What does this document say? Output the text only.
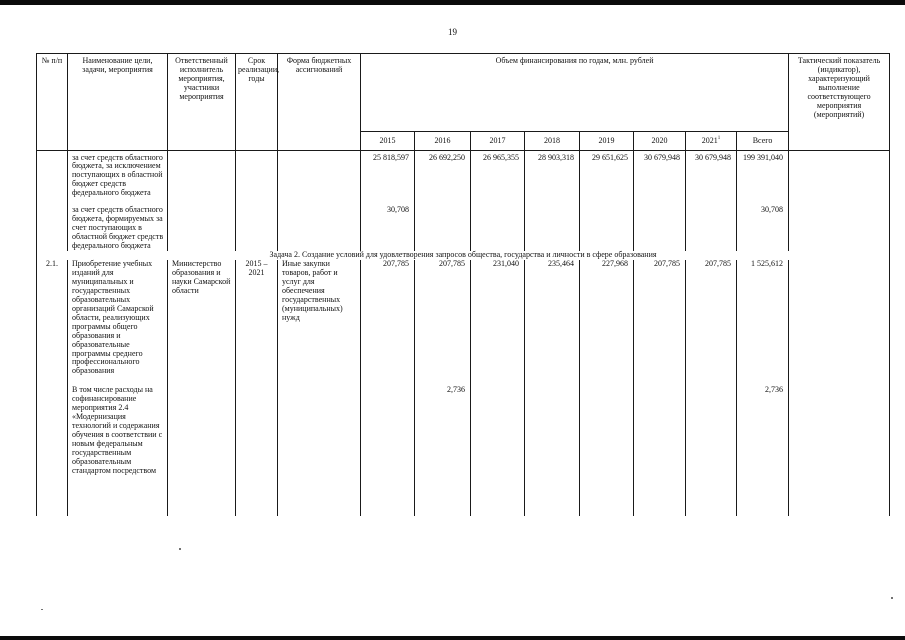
19
№ п/п	Наименование цели, задачи, мероприятия	Ответственный исполнитель мероприятия, участники мероприятия	Срок реализации, годы	Форма бюджетных ассигнований	Объем финансирования по годам, млн. рублей								Тактический показатель (индикатор), характеризующий выполнение соответствующего мероприятия (мероприятий)
					2015	2016	2017	2018	2019	2020	2021$^1$	Всего	

	за счет средств областного бюджета, за исключением поступающих в областной бюджет средств федерального бюджета				25 818,597	26 692,250	26 965,355	28 903,318	29 651,625	30 679,948	30 679,948	199 391,040	

	за счет средств областного бюджета, формируемых за счет поступающих в областной бюджет средств федерального бюджета				30,708							30,708	
Задача 2. Создание условий для удовлетворения запросов общества, государства и личности в сфере образования													
2.1.	Приобретение учебных изданий для муниципальных и государственных образовательных организаций Самарской области, реализующих программы общего образования и образовательные программы среднего профессионального образования	Министерство образования и науки Самарской области	2015 – 2021	Иные закупки товаров, работ и услуг для обеспечения государственных (муниципальных) нужд	207,785	207,785	231,040	235,464	227,968	207,785	207,785	1 525,612	

	В том числе расходы на софинансирование мероприятия 2.4 «Модернизация технологий и содержания обучения в соответствии с новым федеральным государственным образовательным стандартом посредством					2,736						2,736	
